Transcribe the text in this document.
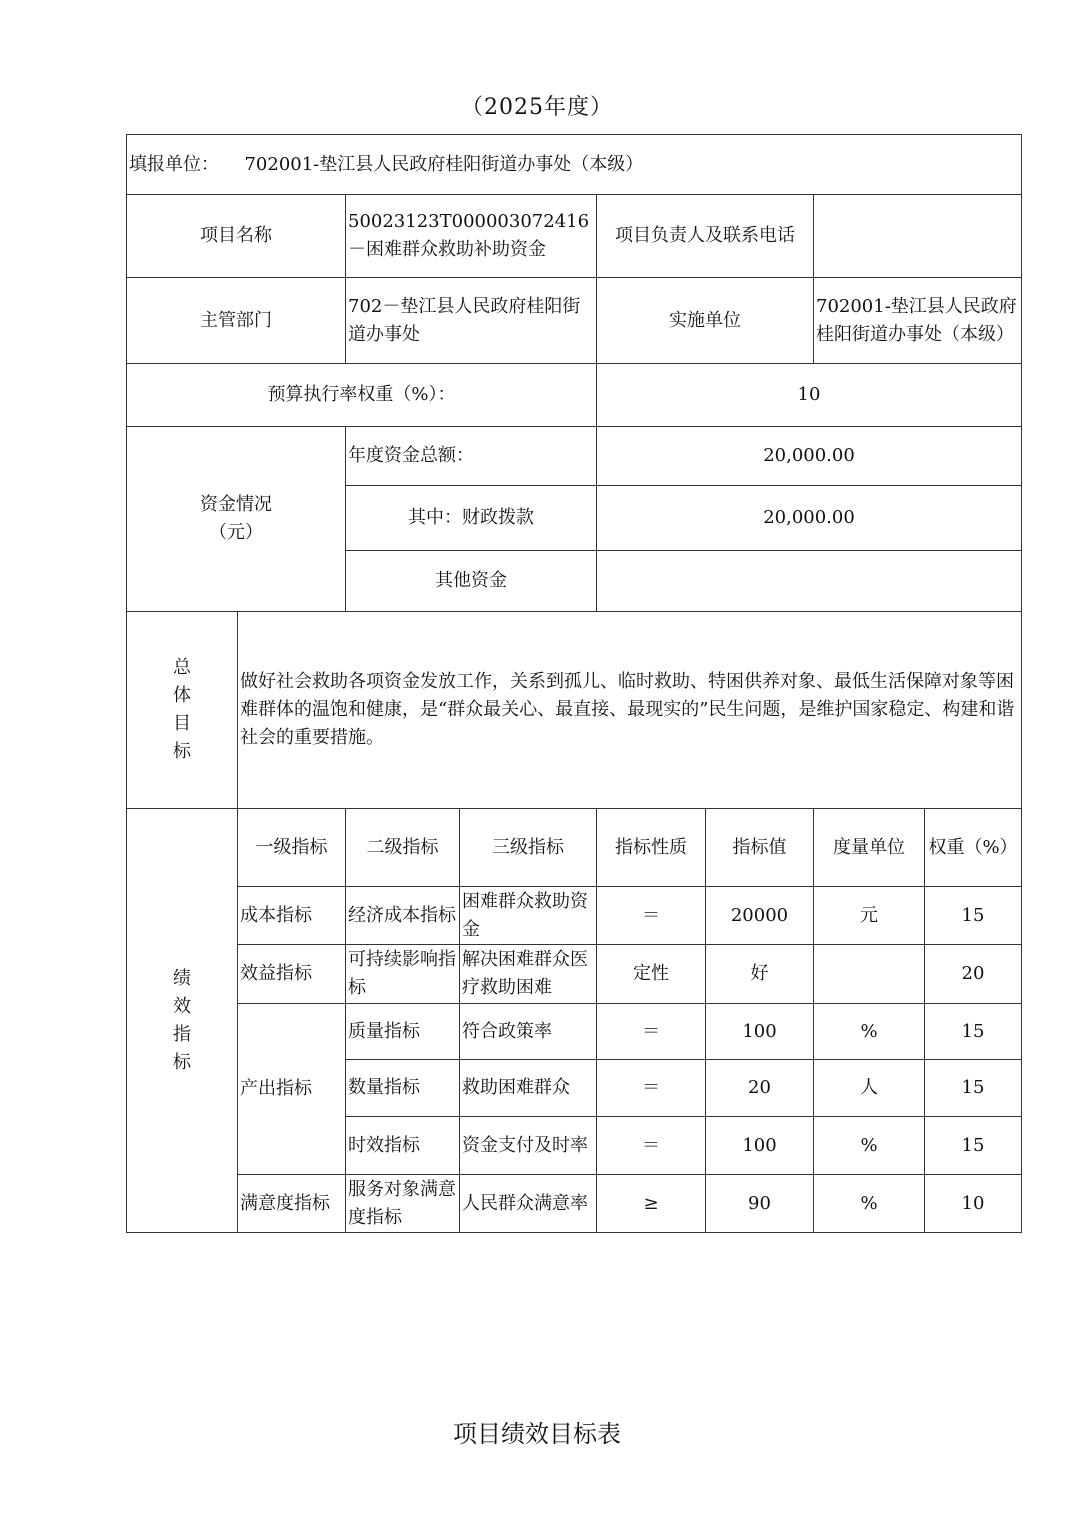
（2025年度）
填报单位： 702001-垫江县人民政府桂阳街道办事处（本级）							
项目名称		50023123T000003072416－困难群众救助补助资金		项目负责人及联系电话			
主管部门		702－垫江县人民政府桂阳街道办事处		实施单位		702001-垫江县人民政府桂阳街道办事处（本级）	
预算执行率权重（%）：				10			
资金情况
（元）		年度资金总额：		20,000.00			
		其中：财政拨款		20,000.00			
		其他资金					

总
体
目
标	做好社会救助各项资金发放工作，关系到孤儿、临时救助、特困供养对象、最低生活保障对象等困难群体的温饱和健康，是“群众最关心、最直接、最现实的”民生问题，是维护国家稳定、构建和谐社会的重要措施。						

绩
效
指
标	一级指标	二级指标	三级指标	指标性质	指标值	度量单位	权重（%）
	成本指标	经济成本指标	困难群众救助资金	＝	20000	元	15
	效益指标	可持续影响指标	解决困难群众医疗救助困难	定性	好		20
	产出指标	质量指标	符合政策率	＝	100	%	15
		数量指标	救助困难群众	＝	20	人	15
		时效指标	资金支付及时率	＝	100	%	15
	满意度指标	服务对象满意度指标	人民群众满意率	≥	90	%	10
项目绩效目标表
